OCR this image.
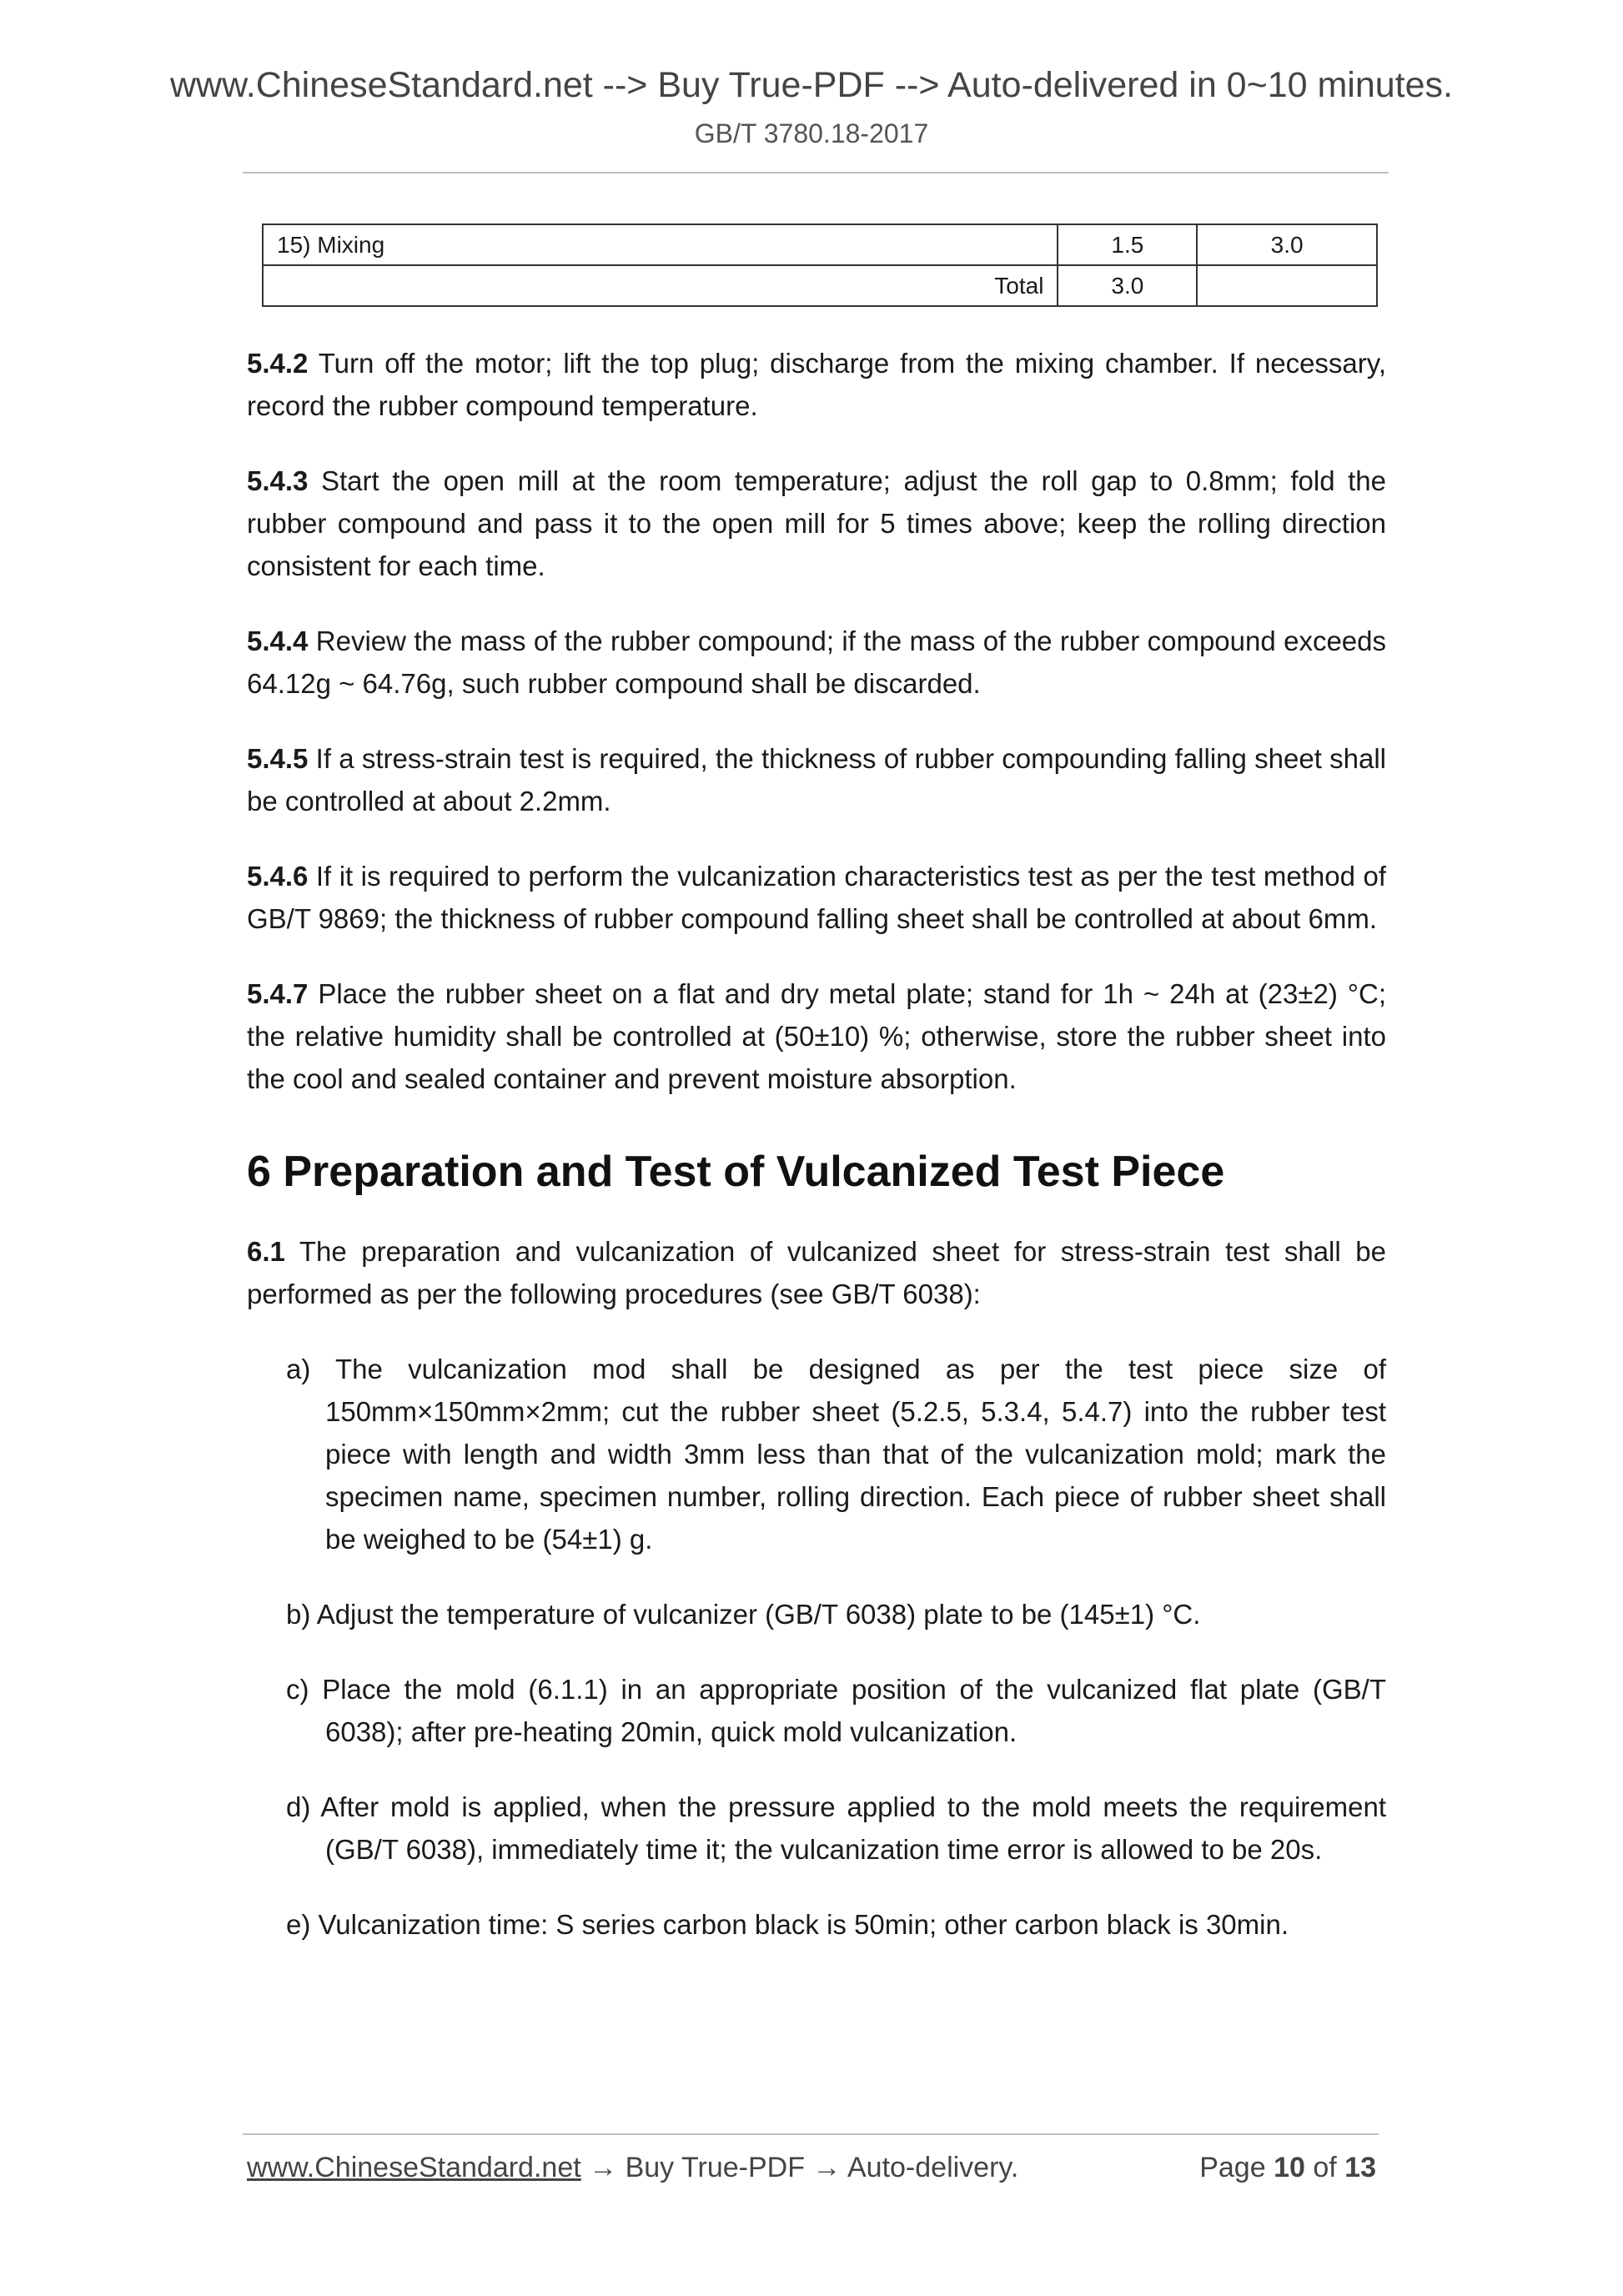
www.ChineseStandard.net --> Buy True-PDF --> Auto-delivered in 0~10 minutes.
GB/T 3780.18-2017
15) Mixing	1.5	3.0
Total	3.0	

5.4.2 Turn off the motor; lift the top plug; discharge from the mixing chamber. If necessary, record the rubber compound temperature.

5.4.3 Start the open mill at the room temperature; adjust the roll gap to 0.8mm; fold the rubber compound and pass it to the open mill for 5 times above; keep the rolling direction consistent for each time.

5.4.4 Review the mass of the rubber compound; if the mass of the rubber compound exceeds 64.12g ~ 64.76g, such rubber compound shall be discarded.

5.4.5 If a stress-strain test is required, the thickness of rubber compounding falling sheet shall be controlled at about 2.2mm.

5.4.6 If it is required to perform the vulcanization characteristics test as per the test method of GB/T 9869; the thickness of rubber compound falling sheet shall be controlled at about 6mm.

5.4.7 Place the rubber sheet on a flat and dry metal plate; stand for 1h ~ 24h at (23±2) °C; the relative humidity shall be controlled at (50±10) %; otherwise, store the rubber sheet into the cool and sealed container and prevent moisture absorption.

6 Preparation and Test of Vulcanized Test Piece

6.1 The preparation and vulcanization of vulcanized sheet for stress-strain test shall be performed as per the following procedures (see GB/T 6038):

a) The vulcanization mod shall be designed as per the test piece size of 150mm×150mm×2mm; cut the rubber sheet (5.2.5, 5.3.4, 5.4.7) into the rubber test piece with length and width 3mm less than that of the vulcanization mold; mark the specimen name, specimen number, rolling direction. Each piece of rubber sheet shall be weighed to be (54±1) g.
b) Adjust the temperature of vulcanizer (GB/T 6038) plate to be (145±1) °C.
c) Place the mold (6.1.1) in an appropriate position of the vulcanized flat plate (GB/T 6038); after pre-heating 20min, quick mold vulcanization.
d) After mold is applied, when the pressure applied to the mold meets the requirement (GB/T 6038), immediately time it; the vulcanization time error is allowed to be 20s.
e) Vulcanization time: S series carbon black is 50min; other carbon black is 30min.
www.ChineseStandard.net → Buy True-PDF → Auto-delivery.	Page 10 of 13
